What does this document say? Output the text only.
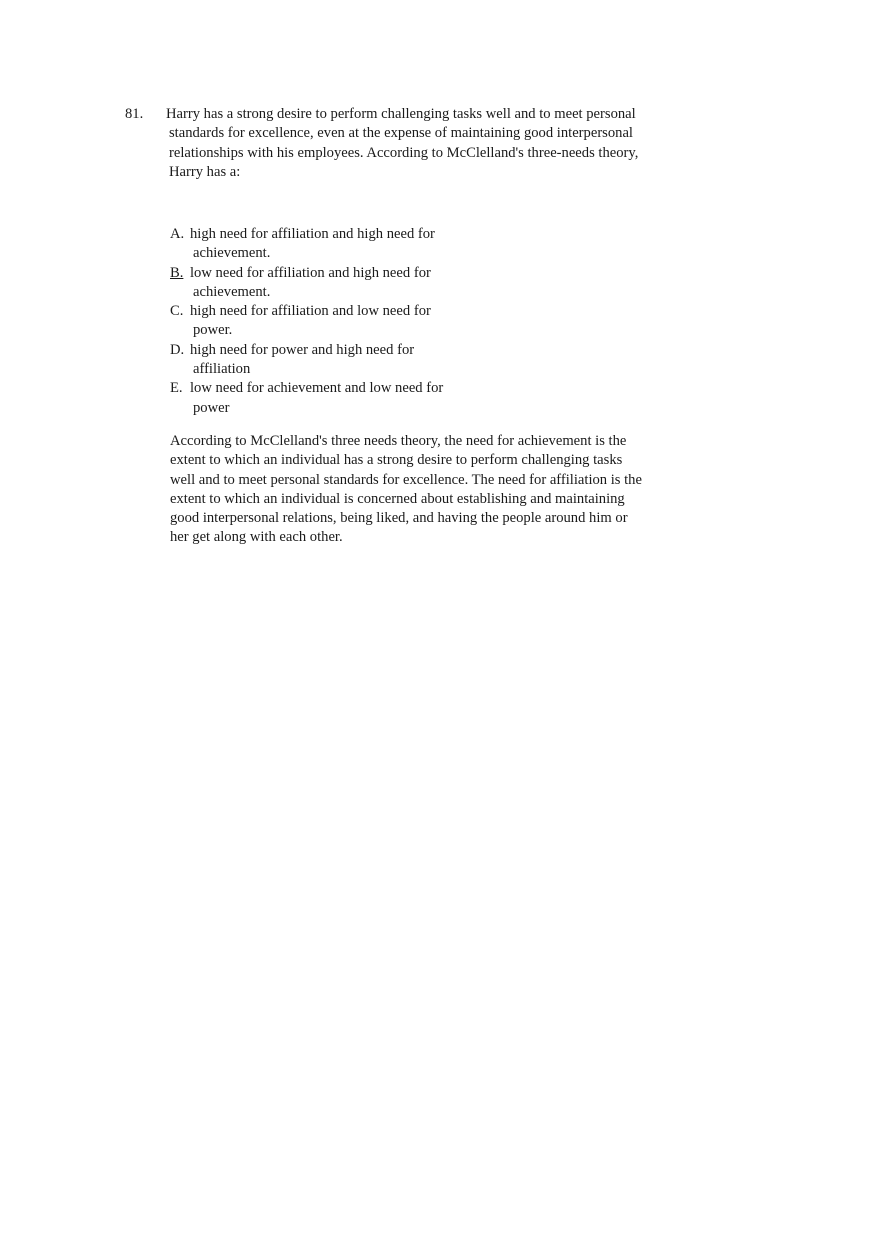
81. Harry has a strong desire to perform challenging tasks well and to meet personal standards for excellence, even at the expense of maintaining good interpersonal relationships with his employees. According to McClelland's three-needs theory, Harry has a:
A. high need for affiliation and high need for achievement.
B. low need for affiliation and high need for achievement.
C. high need for affiliation and low need for power.
D. high need for power and high need for affiliation
E. low need for achievement and low need for power

According to McClelland's three needs theory, the need for achievement is the extent to which an individual has a strong desire to perform challenging tasks well and to meet personal standards for excellence. The need for affiliation is the extent to which an individual is concerned about establishing and maintaining good interpersonal relations, being liked, and having the people around him or her get along with each other.
